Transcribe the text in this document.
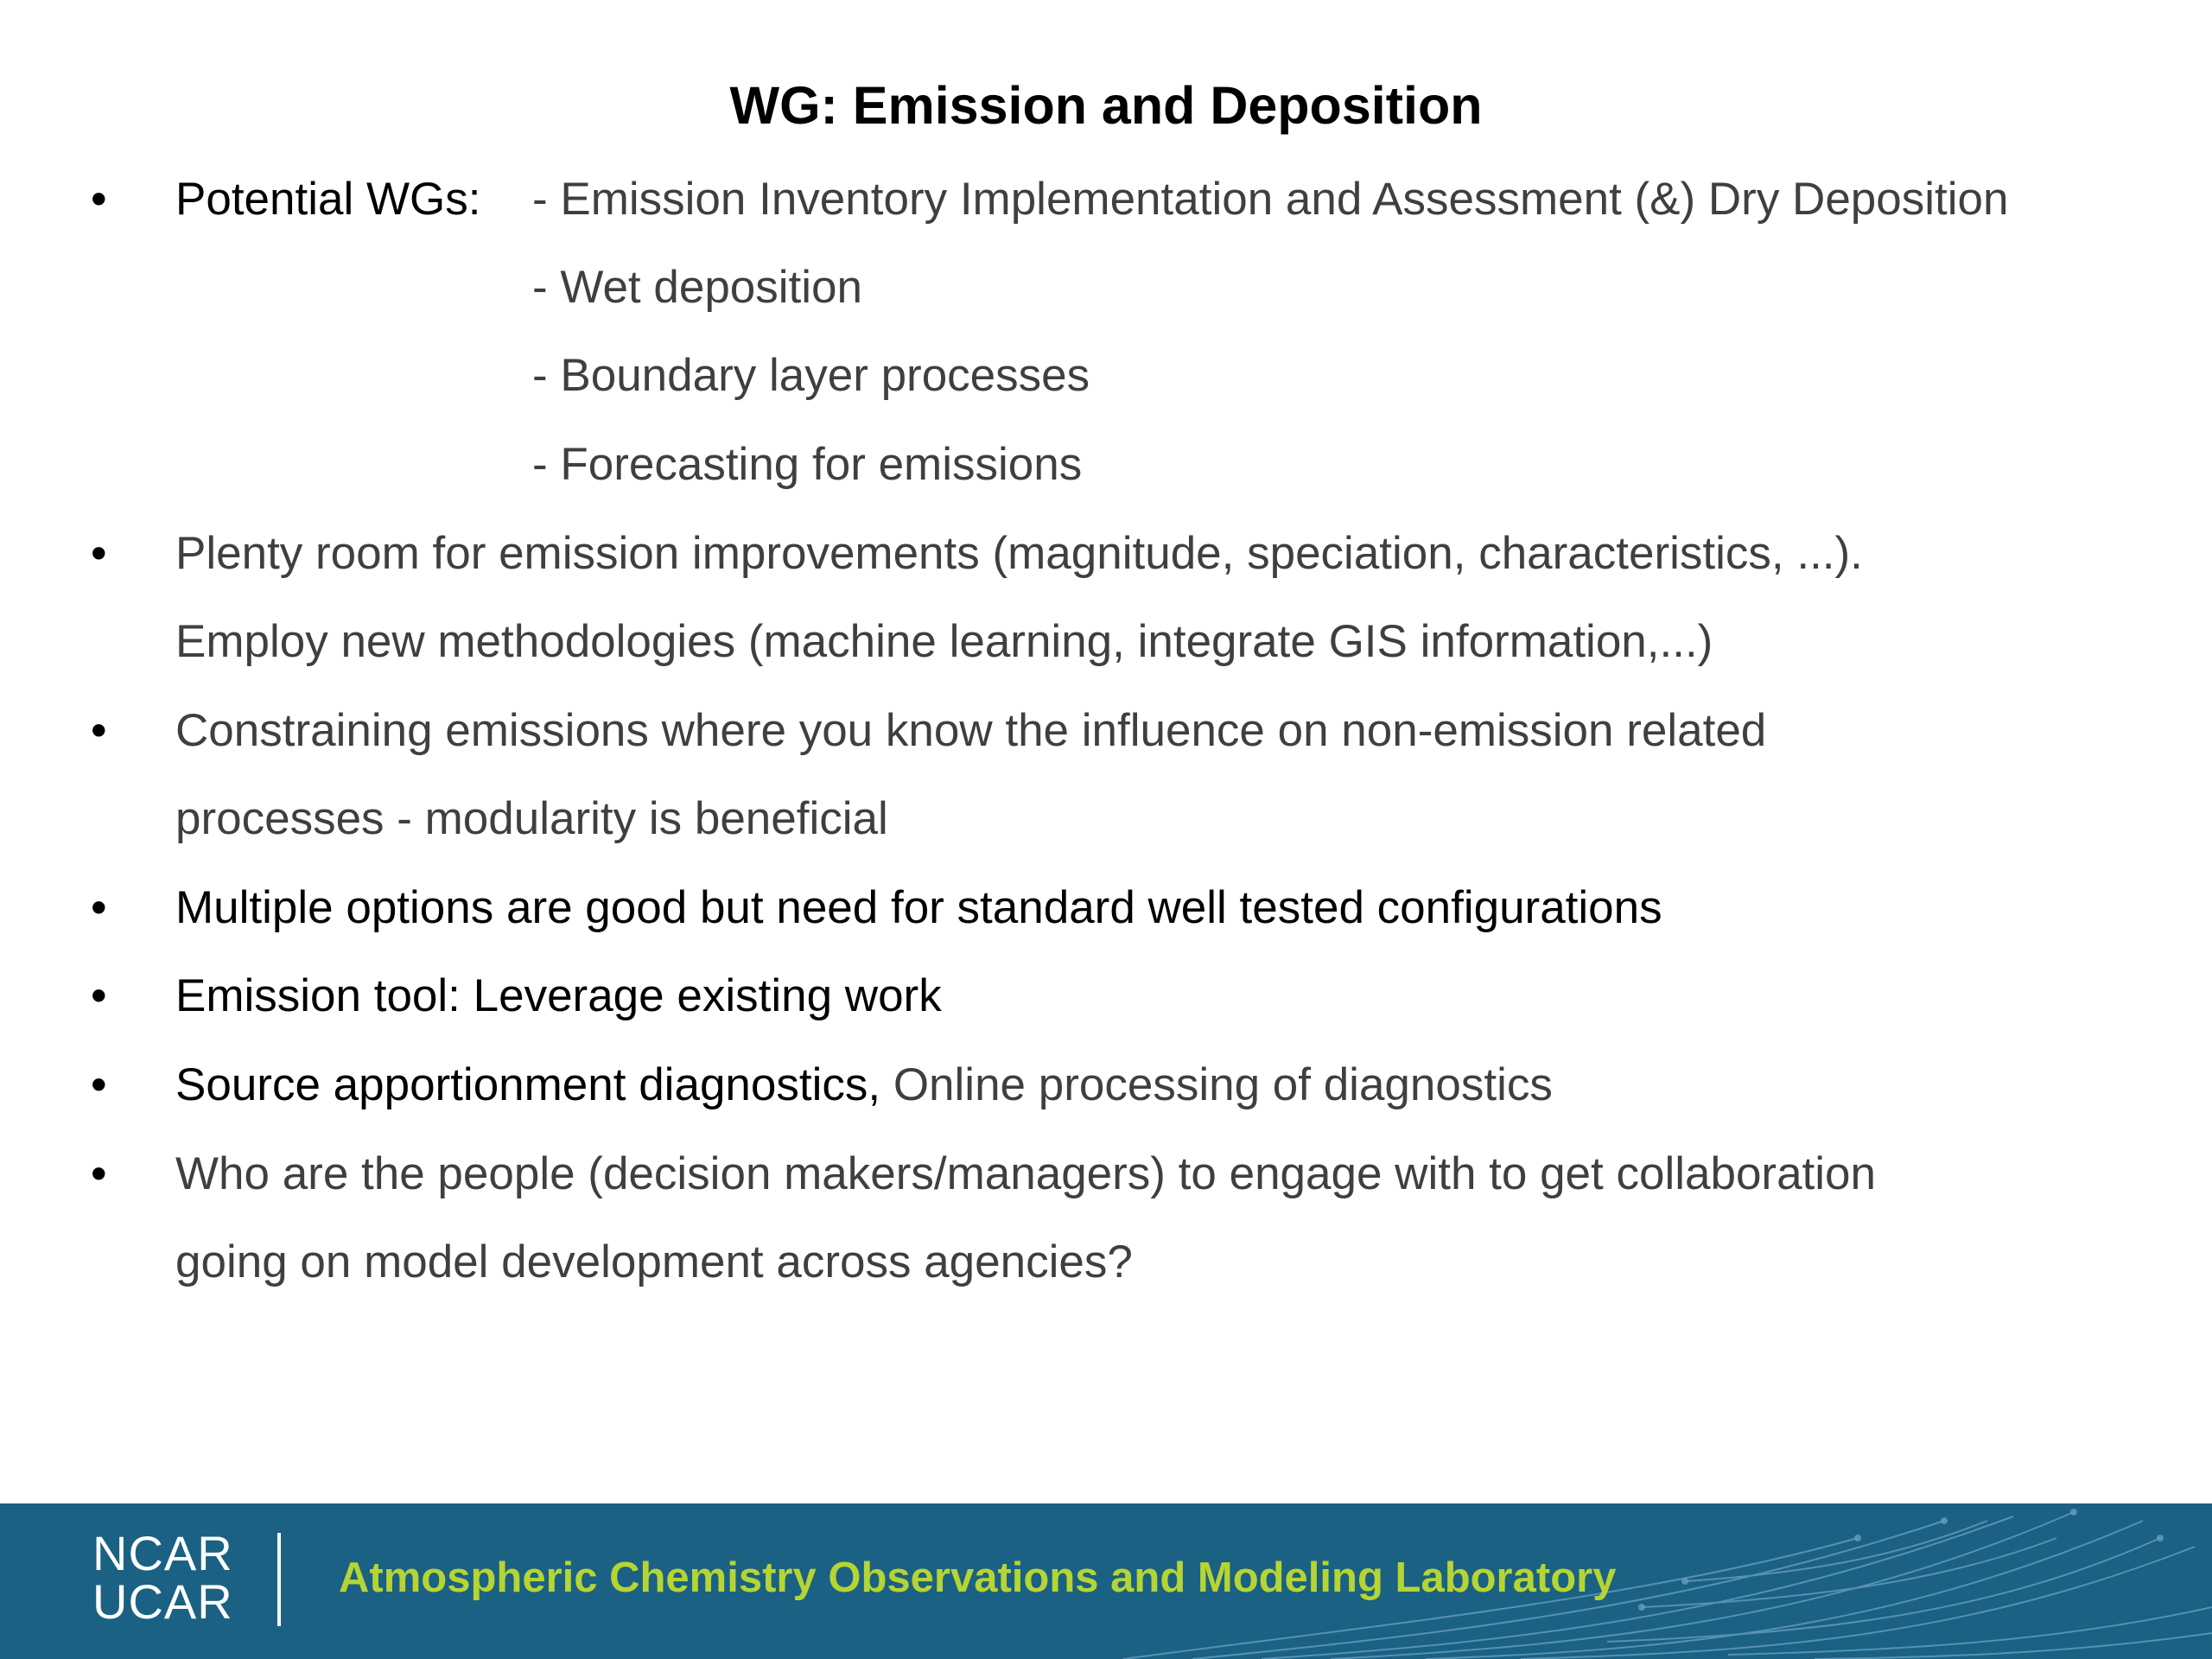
WG: Emission and Deposition
• Potential WGs: - Emission Inventory Implementation and Assessment (&) Dry Deposition
- Wet deposition
- Boundary layer processes
- Forecasting for emissions
• Plenty room for emission improvements (magnitude, speciation, characteristics, ...).
Employ new methodologies (machine learning, integrate GIS information,...)
• Constraining emissions where you know the influence on non-emission related
processes - modularity is beneficial
• Multiple options are good but need for standard well tested configurations
• Emission tool: Leverage existing work
• Source apportionment diagnostics, Online processing of diagnostics
• Who are the people (decision makers/managers) to engage with to get collaboration
going on model development across agencies?
NCAR
UCAR Atmospheric Chemistry Observations and Modeling Laboratory
